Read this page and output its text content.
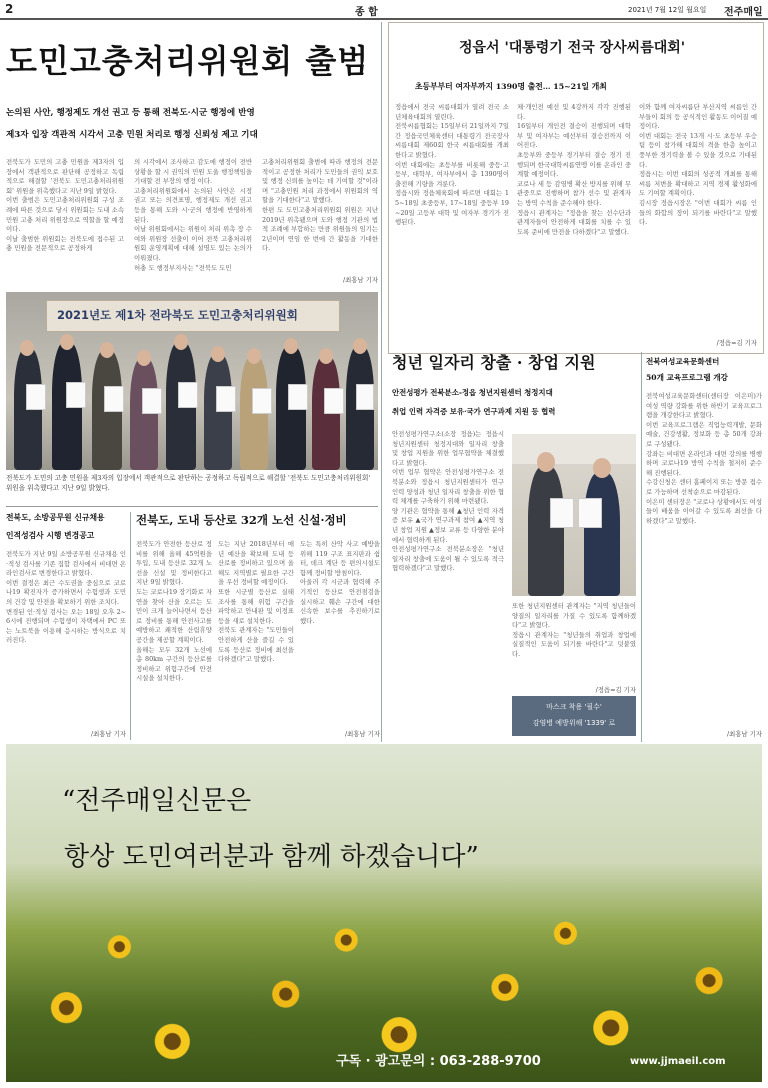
2	종 합	2021년 7월 12일 월요일 전주매일
도민고충처리위원회 출범
논의된 사안, 행정제도 개선 권고 등 통해 전북도·시군 행정에 반영
제3자 입장 객관적 시각서 고충 민원 처리로 행정 신뢰성 제고 기대
전북도가 도민의 고충 민원을 제3자의 입장에서 객관적으로 판단해 공정하고 독립적으로 해결할 '전북도 도민고충처리위원회' 위원을 위촉했다고 지난 9일 밝혔다.
이번 출범은 도민고충처리위원회 구성 조례에 따른 것으로 당시 위원회는 도내 소속 민원 고충 처리 위원장으로 역할을 할 예정이다.
이날 출범한 위원회는 전북도에 접수된 고충 민원을 전문적으로 공정하게
의 시각에서 조사하고 감도에 행정이 전반 상황을 할 시 권익의 민원 도울 행정책임을 기대할 전 부장의 행정 이다.
고충처리위원회에서 논의된 사안은 시정 권고 또는 의견표명, 행정제도 개선 권고 등을 통해 도와 시·군의 행정에 반영하게 된다.
이날 위원회에서는 위원이 처리 위촉 장 수여와 위원장 선출이 이어 전북 고충처리위원회 운영계획에 대해 설명도 있는 논의가 이뤄졌다.
허충 도 행정부지사는 "전북도 도민
고충처리위원회 출범에 따라 행정의 전문적이고 공정한 처리가 도민들의 권익 보호 및 행정 신뢰를 높이는 데 기여할 것"이라며 "고충민원 처리 과정에서 위원회의 역할을 기대한다"고 말했다.
한편 도 도민고충처리위원회 위원은 지난 2019년 위촉됐으며 도와 행정 기관의 법적 조례에 부합하는 만큼 위원들의 임기는 2년이며 연임 한 번에 간 활동을 기대한다.
/최홍남 기자
2021년도 제1차 전라북도 도민고충처리위원회
전북도가 도민의 고충 민원을 제3자의 입장에서 객관적으로 판단하는 공정하고 독립적으로 해결할 '전북도 도민고충처리위원회' 위원을 위촉했다고 지난 9일 밝혔다.
정읍서 '대통령기 전국 장사씨름대회'
초등부부터 여자부까지 1390명 출전… 15~21일 개최
정읍에서 전국 씨름대회가 열려 전국 소년체육대회의 열린다.
전북씨름협회는 15일부터 21일까지 7일간 정읍국민체육센터 대통령기 전국장사씨름대회 제60회 한국 씨름대회를 개최한다고 밝혔다.
이번 대회에는 초등부를 비롯해 중등·고등부, 대학부, 여자부에서 총 1390명이 출전해 기량을 겨룬다.
정읍시와 정읍체육회에 따르면 대회는 15~18일 초중등부, 17~18일 중등부 19~20일 고등부 대학 및 여자부 경기가 진행된다.
체·개인전 예선 및 4강까지 각각 진행된다.
16일부터 개인전 결승이 진행되며 대학부 및 여자부는 예선부터 결승전까지 이어진다.
초등부와 중등부 경기부터 결승 경기 진행되며 한국대학씨름연맹 이를 온라인 중계할 예정이다.
코로나 세 등 감염병 확산 방지를 위해 무관중으로 진행하며 참가 선수 및 관계자는 방역 수칙을 준수해야 한다.
정읍시 관계자는 "정읍을 찾는 선수단과 관계자들이 안전하게 대회를 치를 수 있도록 준비에 만전을 다하겠다"고 말했다.
이와 함께 여자씨름단 부산지역 씨름인 간부들이 회의 등 공식적인 활동도 이어질 예정이다.
이번 대회는 전국 13개 시·도 초등부 우승팀 등이 참가해 대회의 격을 한층 높이고 풍부한 경기력을 볼 수 있을 것으로 기대된다.
정읍시는 이번 대회의 성공적 개최를 통해 씨름 저변을 확대하고 지역 경제 활성화에도 기여할 계획이다.
김시장 정읍시장은 "이번 대회가 씨름 인들의 화합의 장이 되기를 바란다"고 말했다.
/정읍=김 기자
청년 일자리 창출 · 창업 지원
안전성평가 전북분소-정읍 청년지원센터 청정지대
취업 인력 자격증 보유·국가 연구과제 지원 등 협력
안전성평가연구소(소장 정읍)는 정읍시 청년지원센터 청정지대와 일자리 창출 및 창업 지원을 위한 업무협약을 체결했다고 밝혔다.
이번 업무 협약은 안전성평가연구소 전북분소와 정읍시 청년지원센터가 연구 인력 양성과 청년 일자리 창출을 위한 협력 체계를 구축하기 위해 마련됐다.
양 기관은 협약을 통해 ▲청년 인력 자격증 보유 ▲국가 연구과제 참여 ▲지역 청년 창업 지원 ▲정보 교류 등 다양한 분야에서 협력하게 된다.
안전성평가연구소 전북분소장은 "청년 일자리 창출에 도움이 될 수 있도록 적극 협력하겠다"고 말했다.
또한 청년지원센터 관계자는 "지역 청년들이 양질의 일자리를 가질 수 있도록 함께하겠다"고 밝혔다.
정읍시 관계자는 "청년들의 취업과 창업에 실질적인 도움이 되기를 바란다"고 덧붙였다.
/정읍=김 기자
마스크 착용 '필수'
감염병 예방위해 '1339' 로
전북여성교육문화센터
50개 교육프로그램 개강
전북여성교육문화센터(센터장 이은미)가 여성 역량 강화를 위한 하반기 교육프로그램을 개강한다고 밝혔다.
이번 교육프로그램은 직업능력개발, 문화예술, 건강생활, 정보화 등 총 50개 강좌로 구성됐다.
강좌는 비대면 온라인과 대면 강의를 병행하며 코로나19 방역 수칙을 철저히 준수해 진행된다.
수강신청은 센터 홈페이지 또는 방문 접수로 가능하며 선착순으로 마감된다.
이은미 센터장은 "코로나 상황에서도 여성들이 배움을 이어갈 수 있도록 최선을 다하겠다"고 말했다.
/최홍남 기자
전북도, 소방공무원 신규채용
인적성검사 시행 변경공고
전북도가 지난 9일 소방공무원 신규채용 인·적성 검사를 기존 집합 검사에서 비대면 온라인검사로 변경한다고 밝혔다.
이번 결정은 최근 수도권을 중심으로 코로나19 확진자가 증가하면서 수험생과 도민의 건강 및 안전을 확보하기 위한 조치다.
변경된 인·적성 검사는 오는 18일 오후 2~6시에 진행되며 수험생이 자택에서 PC 또는 노트북을 이용해 응시하는 방식으로 치러진다.
/최홍남 기자
전북도, 도내 등산로 32개 노선 신설·정비
전북도가 안전한 등산로 정비를 위해 올해 45억원을 투입, 도내 등산로 32개 노선을 신설 및 정비한다고 지난 9일 밝혔다.
도는 코로나19 장기화로 자연을 찾아 산을 오르는 도민이 크게 늘어나면서 등산로 정비를 통해 안전사고를 예방하고 쾌적한 산림휴양 공간을 제공할 계획이다.
올해는 모두 32개 노선에 총 80km 구간의 등산로를 정비하고 위험구간에 안전시설을 설치한다.
도는 지난 2018년부터 매년 예산을 확보해 도내 등산로를 정비하고 있으며 올해도 지역별로 필요한 구간을 우선 정비할 예정이다.
또한 시군별 등산로 실태 조사를 통해 위험 구간을 파악하고 안내판 및 이정표 등을 새로 설치한다.
전북도 관계자는 "도민들이 안전하게 산을 즐길 수 있도록 등산로 정비에 최선을 다하겠다"고 말했다.
도는 특히 산악 사고 예방을 위해 119 구조 표지판과 쉼터, 데크 계단 등 편의시설도 함께 정비할 방침이다.
아울러 각 시군과 협력해 주기적인 등산로 안전점검을 실시하고 훼손 구간에 대한 신속한 보수를 추진하기로 했다.
/최홍남 기자
“전주매일신문은
항상 도민여러분과 함께 하겠습니다”
구독 · 광고문의 : 063-288-9700	www.jjmaeil.com
